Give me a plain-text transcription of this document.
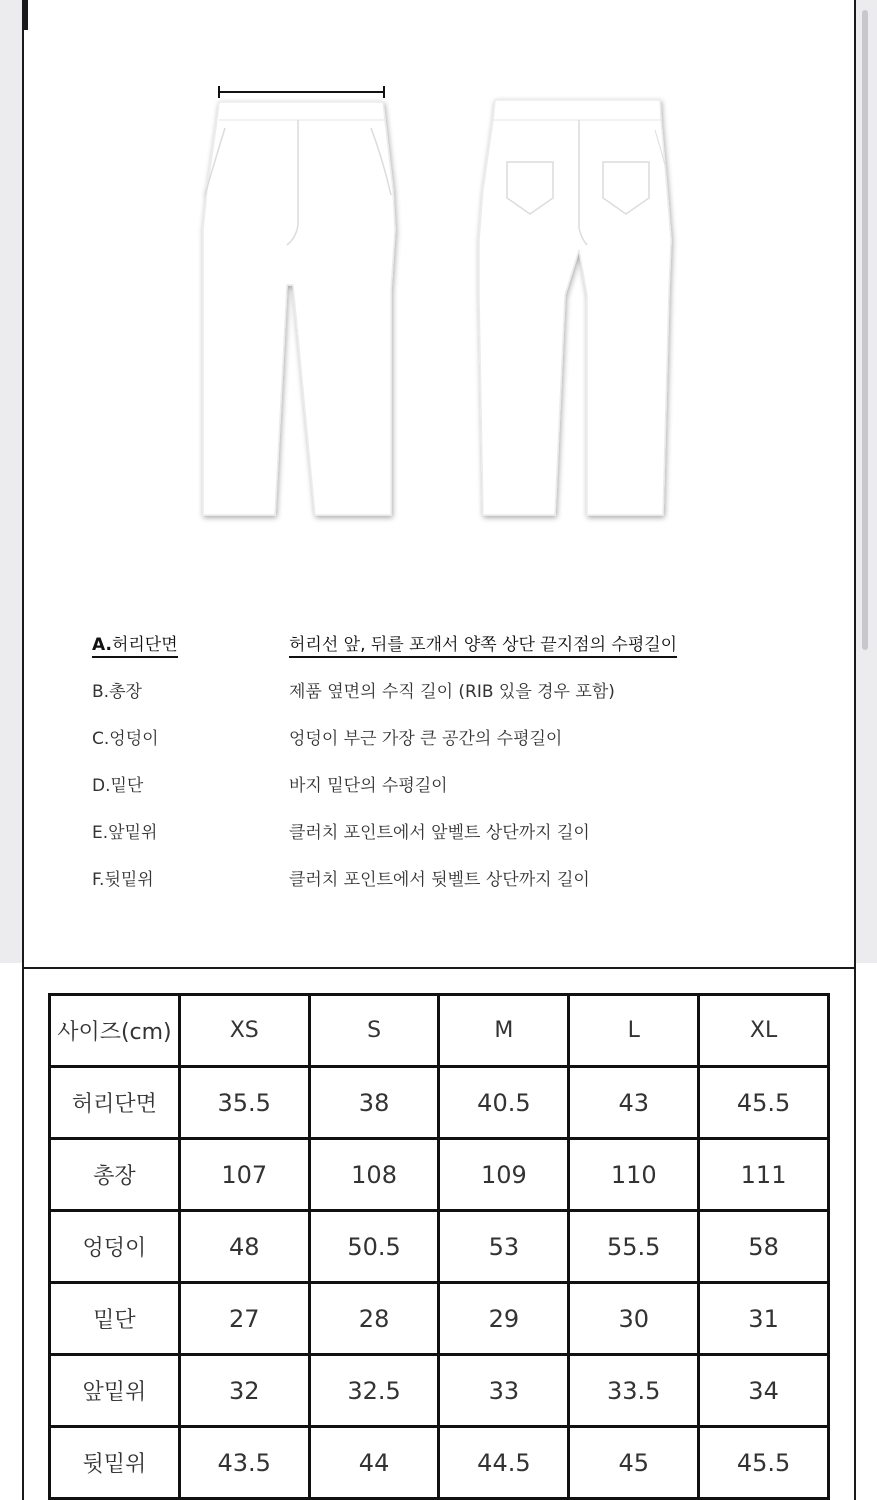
A.허리단면	허리선 앞, 뒤를 포개서 양쪽 상단 끝지점의 수평길이
B.총장	제품 옆면의 수직 길이 (RIB 있을 경우 포함)
C.엉덩이	엉덩이 부근 가장 큰 공간의 수평길이
D.밑단	바지 밑단의 수평길이
E.앞밑위	클러치 포인트에서 앞벨트 상단까지 길이
F.뒷밑위	클러치 포인트에서 뒷벨트 상단까지 길이
사이즈(cm)	XS	S	M	L	XL
허리단면	35.5	38	40.5	43	45.5
총장	107	108	109	110	111
엉덩이	48	50.5	53	55.5	58
밑단	27	28	29	30	31
앞밑위	32	32.5	33	33.5	34
뒷밑위	43.5	44	44.5	45	45.5
